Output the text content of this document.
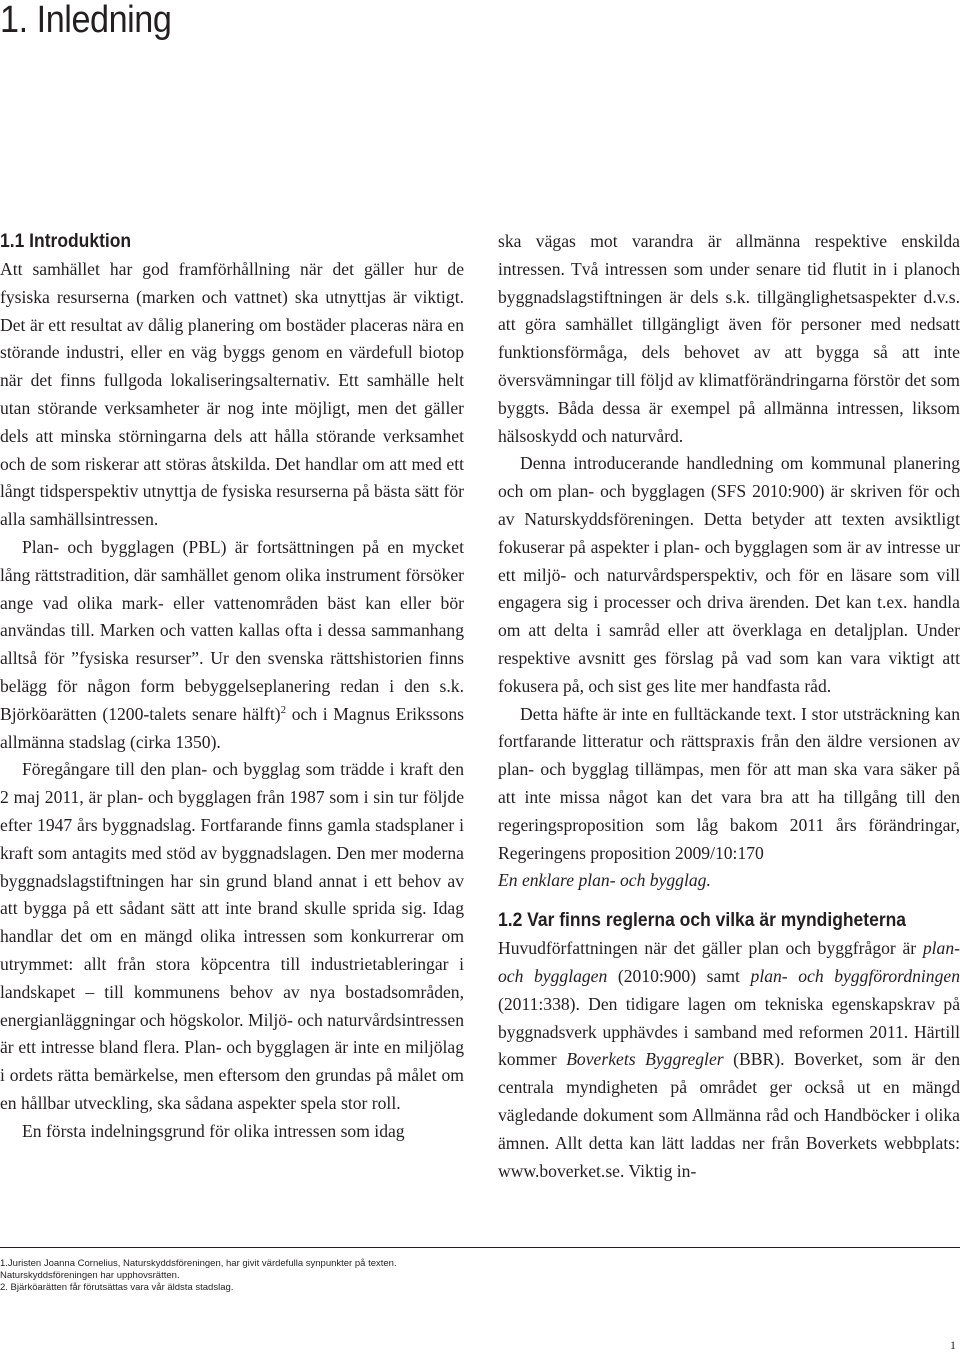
1. Inledning
1.1 Introduktion

Att samhället har god framförhållning när det gäller hur de fysiska resurserna (marken och vattnet) ska utnyttjas är viktigt. Det är ett resultat av dålig planering om bostäder placeras nära en störande industri, eller en väg byggs genom en värdefull biotop när det finns fullgoda lokaliseringsalternativ. Ett samhälle helt utan störande verksamheter är nog inte möjligt, men det gäller dels att minska störningarna dels att hålla störande verksamhet och de som riskerar att störas åtskilda. Det handlar om att med ett långt tidsperspektiv utnyttja de fysiska resurserna på bästa sätt för alla samhällsintressen.

Plan- och bygglagen (PBL) är fortsättningen på en mycket lång rättstradition, där samhället genom olika instrument försöker ange vad olika mark- eller vattenområden bäst kan eller bör användas till. Marken och vatten kallas ofta i dessa sammanhang alltså för ”fysiska resurser”. Ur den svenska rättshistorien finns belägg för någon form bebyggelseplanering redan i den s.k. Björköarätten (1200-talets senare hälft)$^2$ och i Magnus Erikssons allmänna stadslag (cirka 1350).

Föregångare till den plan- och bygglag som trädde i kraft den 2 maj 2011, är plan- och bygglagen från 1987 som i sin tur följde efter 1947 års byggnadslag. Fortfarande finns gamla stadsplaner i kraft som antagits med stöd av byggnadslagen. Den mer moderna byggnadslagstiftningen har sin grund bland annat i ett behov av att bygga på ett sådant sätt att inte brand skulle sprida sig. Idag handlar det om en mängd olika intressen som konkurrerar om utrymmet: allt från stora köpcentra till industrietableringar i landskapet – till kommunens behov av nya bostadsområden, energianläggningar och högskolor. Miljö- och naturvårdsintressen är ett intresse bland flera. Plan- och bygglagen är inte en miljölag i ordets rätta bemärkelse, men eftersom den grundas på målet om en hållbar utveckling, ska sådana aspekter spela stor roll.

En första indelningsgrund för olika intressen som idag

ska vägas mot varandra är allmänna respektive enskilda intressen. Två intressen som under senare tid flutit in i planoch byggnadslagstiftningen är dels s.k. tillgänglighetsaspekter d.v.s. att göra samhället tillgängligt även för personer med nedsatt funktionsförmåga, dels behovet av att bygga så att inte översvämningar till följd av klimatförändringarna förstör det som byggts. Båda dessa är exempel på allmänna intressen, liksom hälsoskydd och naturvård.

Denna introducerande handledning om kommunal planering och om plan- och bygglagen (SFS 2010:900) är skriven för och av Naturskyddsföreningen. Detta betyder att texten avsiktligt fokuserar på aspekter i plan- och bygglagen som är av intresse ur ett miljö- och naturvårdsperspektiv, och för en läsare som vill engagera sig i processer och driva ärenden. Det kan t.ex. handla om att delta i samråd eller att överklaga en detaljplan. Under respektive avsnitt ges förslag på vad som kan vara viktigt att fokusera på, och sist ges lite mer handfasta råd.

Detta häfte är inte en fulltäckande text. I stor utsträckning kan fortfarande litteratur och rättspraxis från den äldre versionen av plan- och bygglag tillämpas, men för att man ska vara säker på att inte missa något kan det vara bra att ha tillgång till den regeringsproposition som låg bakom 2011 års förändringar, Regeringens proposition 2009/10:170
En enklare plan- och bygglag.

1.2 Var finns reglerna och vilka är myndigheterna

Huvudförfattningen när det gäller plan och byggfrågor är plan-och bygglagen (2010:900) samt plan- och byggförordningen (2011:338). Den tidigare lagen om tekniska egenskapskrav på byggnadsverk upphävdes i samband med reformen 2011. Härtill kommer Boverkets Byggregler (BBR). Boverket, som är den centrala myndigheten på området ger också ut en mängd vägledande dokument som Allmänna råd och Handböcker i olika ämnen. Allt detta kan lätt laddas ner från Boverkets webbplats: www.boverket.se. Viktig in-

1.Juristen Joanna Cornelius, Naturskyddsföreningen, har givit värdefulla synpunkter på texten.
Naturskyddsföreningen har upphovsrätten.
2. Bjärköarätten får förutsättas vara vår äldsta stadslag.
1
